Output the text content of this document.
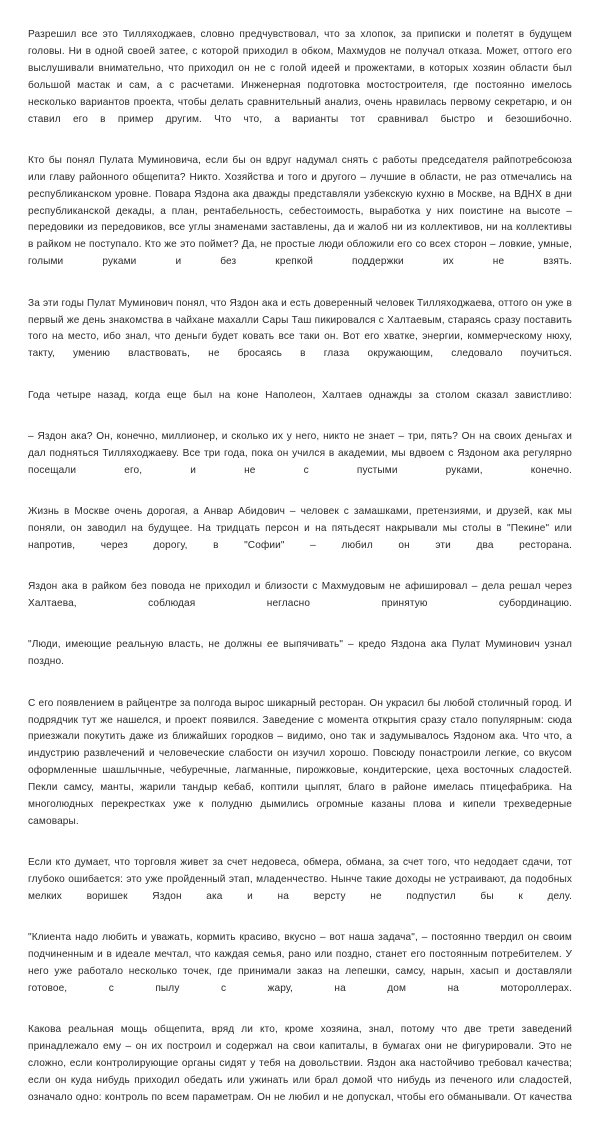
Разрешил все это Тилляходжаев, словно предчувствовал, что за хлопок, за приписки и полетят в будущем головы. Ни в одной своей затее, с которой приходил в обком, Махмудов не получал отказа. Может, оттого его выслушивали внимательно, что приходил он не с голой идеей и прожектами, в которых хозяин области был большой мастак и сам, а с расчетами. Инженерная подготовка мостостроителя, где постоянно имелось несколько вариантов проекта, чтобы делать сравнительный анализ, очень нравилась первому секретарю, и он ставил его в пример другим. Что что, а варианты тот сравнивал быстро и безошибочно.

Кто бы понял Пулата Муминовича, если бы он вдруг надумал снять с работы председателя райпотребсоюза или главу районного общепита? Никто. Хозяйства и того и другого – лучшие в области, не раз отмечались на республиканском уровне. Повара Яздона ака дважды представляли узбекскую кухню в Москве, на ВДНХ в дни республиканской декады, а план, рентабельность, себестоимость, выработка у них поистине на высоте – передовики из передовиков, все углы знаменами заставлены, да и жалоб ни из коллективов, ни на коллективы в райком не поступало. Кто же это поймет? Да, не простые люди обложили его со всех сторон – ловкие, умные, голыми руками и без крепкой поддержки их не взять.

За эти годы Пулат Муминович понял, что Яздон ака и есть доверенный человек Тилляходжаева, оттого он уже в первый же день знакомства в чайхане махалли Сары Таш пикировался с Халтаевым, стараясь сразу поставить того на место, ибо знал, что деньги будет ковать все таки он. Вот его хватке, энергии, коммерческому нюху, такту, умению властвовать, не бросаясь в глаза окружающим, следовало поучиться.

Года четыре назад, когда еще был на коне Наполеон, Халтаев однажды за столом сказал завистливо:

– Яздон ака? Он, конечно, миллионер, и сколько их у него, никто не знает – три, пять? Он на своих деньгах и дал подняться Тилляходжаеву. Все три года, пока он учился в академии, мы вдвоем с Яздоном ака регулярно посещали его, и не с пустыми руками, конечно.

Жизнь в Москве очень дорогая, а Анвар Абидович – человек с замашками, претензиями, и друзей, как мы поняли, он заводил на будущее. На тридцать персон и на пятьдесят накрывали мы столы в "Пекине" или напротив, через дорогу, в "Софии" – любил он эти два ресторана.

Яздон ака в райком без повода не приходил и близости с Махмудовым не афишировал – дела решал через Халтаева, соблюдая негласно принятую субординацию.

"Люди, имеющие реальную власть, не должны ее выпячивать" – кредо Яздона ака Пулат Муминович узнал поздно.

С его появлением в райцентре за полгода вырос шикарный ресторан. Он украсил бы любой столичный город. И подрядчик тут же нашелся, и проект появился. Заведение с момента открытия сразу стало популярным: сюда приезжали покутить даже из ближайших городков – видимо, оно так и задумывалось Яздоном ака. Что что, а индустрию развлечений и человеческие слабости он изучил хорошо. Повсюду понастроили легкие, со вкусом оформленные шашлычные, чебуречные, лагманные, пирожковые, кондитерские, цеха восточных сладостей. Пекли самсу, манты, жарили тандыр кебаб, коптили цыплят, благо в районе имелась птицефабрика. На многолюдных перекрестках уже к полудню дымились огромные казаны плова и кипели трехведерные самовары.

Если кто думает, что торговля живет за счет недовеса, обмера, обмана, за счет того, что недодает сдачи, тот глубоко ошибается: это уже пройденный этап, младенчество. Нынче такие доходы не устраивают, да подобных мелких воришек Яздон ака и на версту не подпустил бы к делу.

"Клиента надо любить и уважать, кормить красиво, вкусно – вот наша задача", – постоянно твердил он своим подчиненным и в идеале мечтал, что каждая семья, рано или поздно, станет его постоянным потребителем. У него уже работало несколько точек, где принимали заказ на лепешки, самсу, нарын, хасып и доставляли готовое, с пылу с жару, на дом на мотороллерах.

Какова реальная мощь общепита, вряд ли кто, кроме хозяина, знал, потому что две трети заведений принадлежало ему – он их построил и содержал на свои капиталы, в бумагах они не фигурировали. Это не сложно, если контролирующие органы сидят у тебя на довольствии. Яздон ака настойчиво требовал качества; если он куда нибудь приходил обедать или ужинать или брал домой что нибудь из печеного или сладостей, означало одно: контроль по всем параметрам. Он не любил и не допускал, чтобы его обманывали. От качества
